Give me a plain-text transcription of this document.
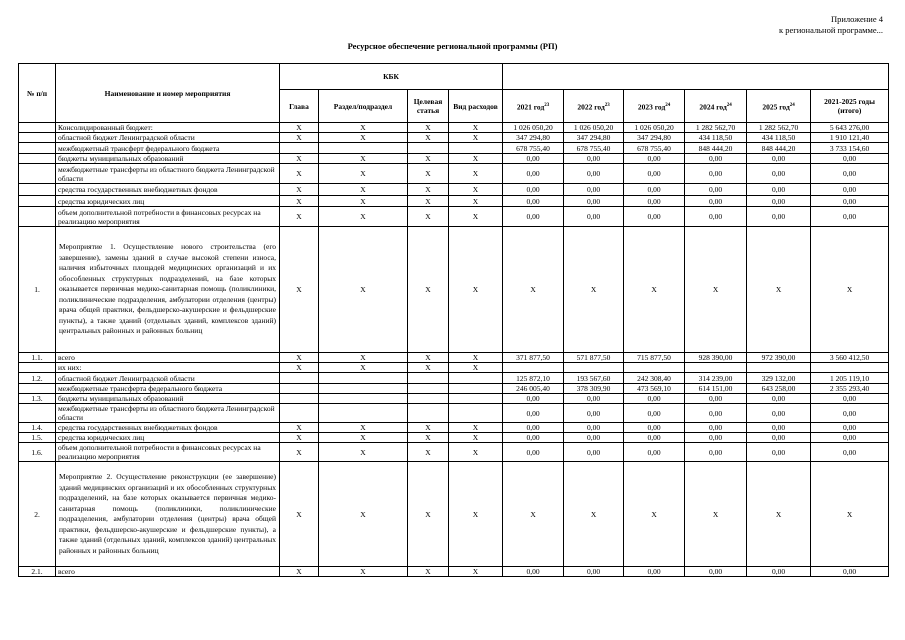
Приложение 4
к региональной программе...
Ресурсное обеспечение региональной программы (РП)
№ п/п	Наименование и номер мероприятия	КБК									
		Глава	Раздел/подраздел	Целевая статья	Вид расходов	2021 год$^{23}$	2022 год$^{23}$	2023 год$^{24}$	2024 год$^{24}$	2025 год$^{24}$	2021-2025 годы (итого)
	Консолидированный бюджет:	X	X	X	X	1 026 050,20	1 026 050,20	1 026 050,20	1 282 562,70	1 282 562,70	5 643 276,00
	областной бюджет Ленинградской области	X	X	X	X	347 294,80	347 294,80	347 294,80	434 118,50	434 118,50	1 910 121,40
	межбюджетный трансферт федерального бюджета					678 755,40	678 755,40	678 755,40	848 444,20	848 444,20	3 733 154,60
	бюджеты муниципальных образований	X	X	X	X	0,00	0,00	0,00	0,00	0,00	0,00
	межбюджетные трансферты из областного бюджета Ленинградской области	X	X	X	X	0,00	0,00	0,00	0,00	0,00	0,00
	средства государственных внебюджетных фондов	X	X	X	X	0,00	0,00	0,00	0,00	0,00	0,00
	средства юридических лиц	X	X	X	X	0,00	0,00	0,00	0,00	0,00	0,00
	объем дополнительной потребности в финансовых ресурсах на реализацию мероприятия	X	X	X	X	0,00	0,00	0,00	0,00	0,00	0,00
1.	Мероприятие 1. Осуществление нового строительства (его завершение), замены зданий в случае высокой степени износа, наличия избыточных площадей медицинских организаций и их обособленных структурных подразделений, на базе которых оказывается первичная медико-санитарная помощь (поликлиники, поликлинические подразделения, амбулатории отделения (центры) врача общей практики, фельдшерско-акушерские и фельдшерские пункты), а также зданий (отдельных зданий, комплексов зданий) центральных районных и районных больниц	X	X	X	X	X	X	X	X	X	X
1.1.	всего	X	X	X	X	371 877,50	571 877,50	715 877,50	928 390,00	972 390,00	3 560 412,50
	их них:	X	X	X	X						
1.2.	областной бюджет Ленинградской области					125 872,10	193 567,60	242 308,40	314 239,00	329 132,00	1 205 119,10
	межбюджетные трансферта федерального бюджета					246 005,40	378 309,90	473 569,10	614 151,00	643 258,00	2 355 293,40
1.3.	бюджеты муниципальных образований					0,00	0,00	0,00	0,00	0,00	0,00
	межбюджетные трансферты из областного бюджета Ленинградской области					0,00	0,00	0,00	0,00	0,00	0,00
1.4.	средства государственных внебюджетных фондов	X	X	X	X	0,00	0,00	0,00	0,00	0,00	0,00
1.5.	средства юридических лиц	X	X	X	X	0,00	0,00	0,00	0,00	0,00	0,00
1.6.	объем дополнительной потребности в финансовых ресурсах на реализацию мероприятия	X	X	X	X	0,00	0,00	0,00	0,00	0,00	0,00
2.	Мероприятие 2. Осуществление реконструкции (ее завершение) зданий медицинских организаций и их обособленных структурных подразделений, на базе которых оказывается первичная медико-санитарная помощь (поликлиники, поликлинические подразделения, амбулатории отделения (центры) врача общей практики, фельдшерско-акушерские и фельдшерские пункты), а также зданий (отдельных зданий, комплексов зданий) центральных районных и районных больниц	X	X	X	X	X	X	X	X	X	X
2.1.	всего	X	X	X	X	0,00	0,00	0,00	0,00	0,00	0,00
